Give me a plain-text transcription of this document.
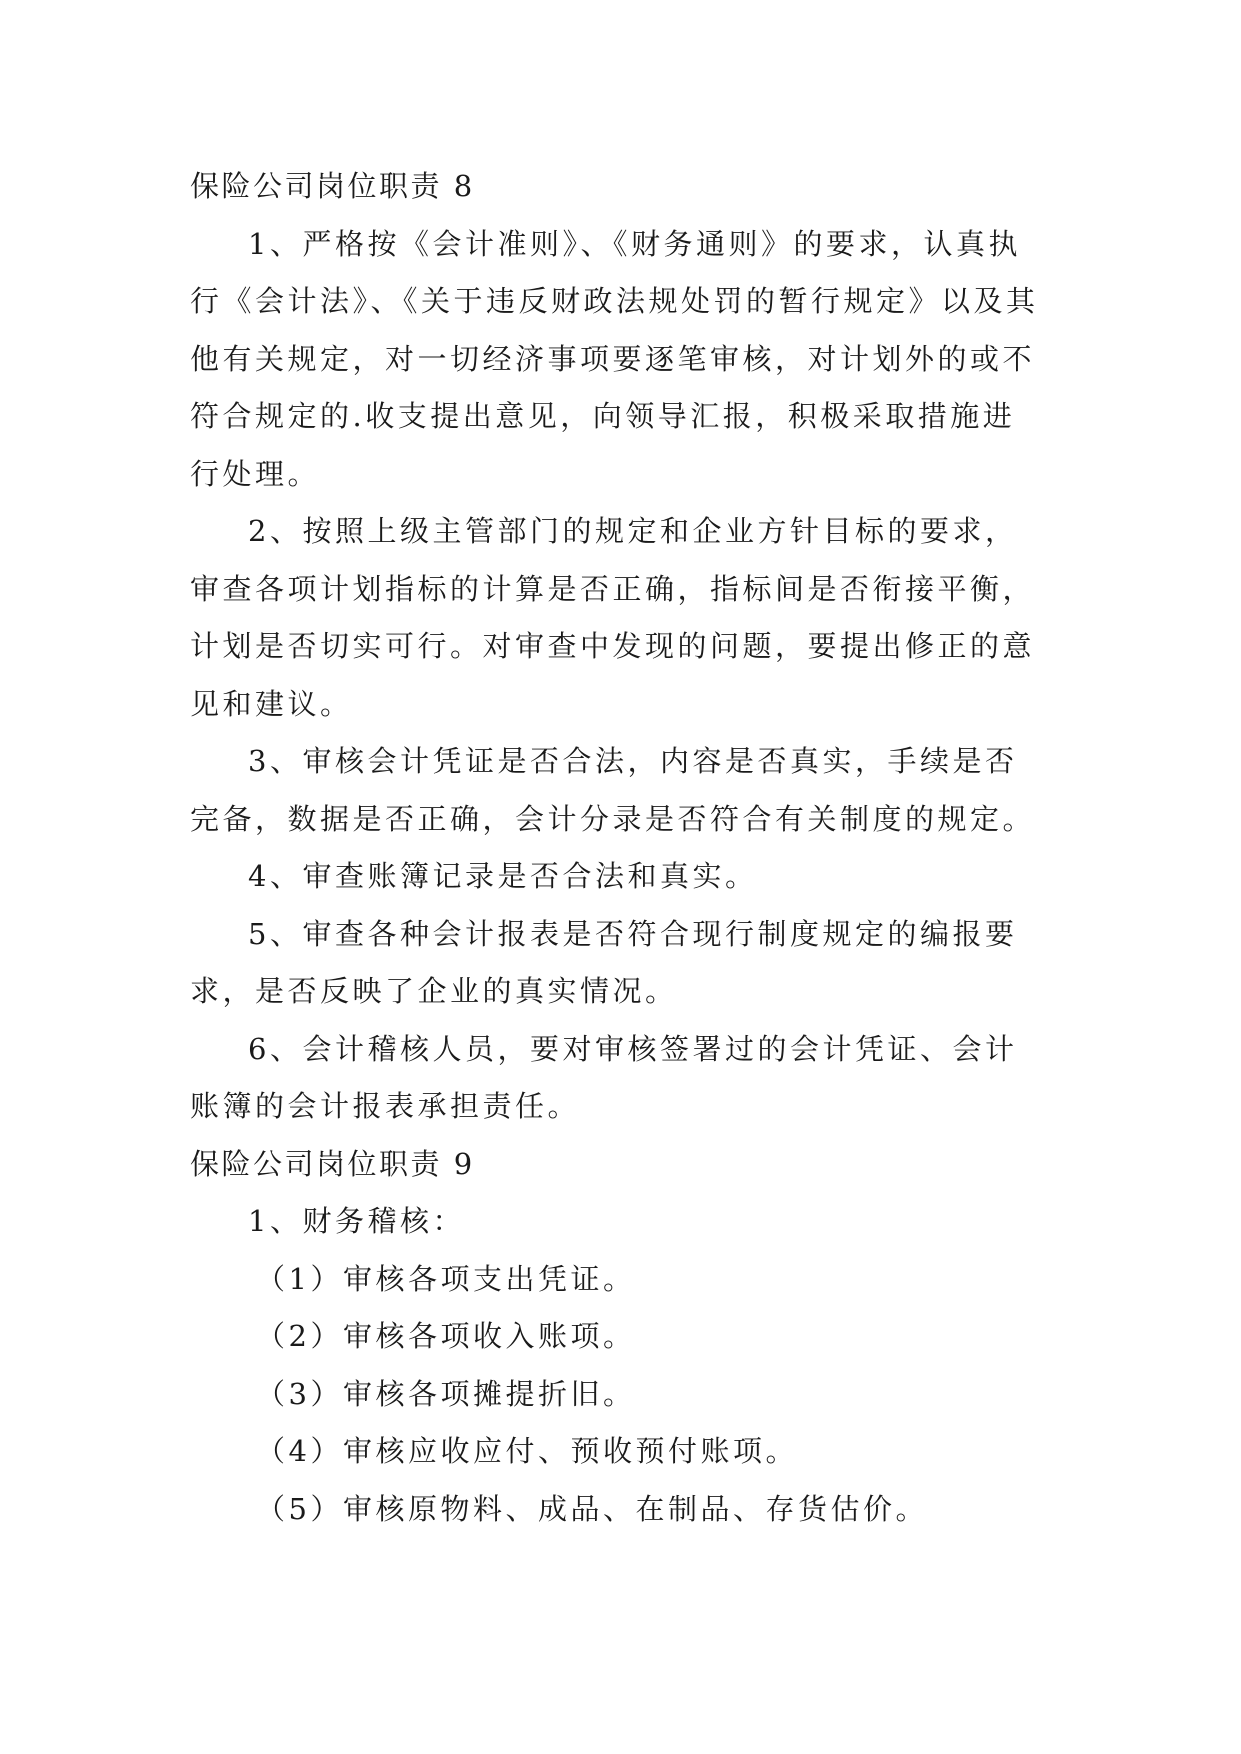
保险公司岗位职责 8
1、严格按《会计准则》、《财务通则》的要求，认真执
行《会计法》、《关于违反财政法规处罚的暂行规定》以及其
他有关规定，对一切经济事项要逐笔审核，对计划外的或不
符合规定的.收支提出意见，向领导汇报，积极采取措施进
行处理。
2、按照上级主管部门的规定和企业方针目标的要求，
审查各项计划指标的计算是否正确，指标间是否衔接平衡，
计划是否切实可行。对审查中发现的问题，要提出修正的意
见和建议。
3、审核会计凭证是否合法，内容是否真实，手续是否
完备，数据是否正确，会计分录是否符合有关制度的规定。
4、审查账簿记录是否合法和真实。
5、审查各种会计报表是否符合现行制度规定的编报要
求，是否反映了企业的真实情况。
6、会计稽核人员，要对审核签署过的会计凭证、会计
账簿的会计报表承担责任。
保险公司岗位职责 9
1、财务稽核：
（1）审核各项支出凭证。
（2）审核各项收入账项。
（3）审核各项摊提折旧。
（4）审核应收应付、预收预付账项。
（5）审核原物料、成品、在制品、存货估价。
